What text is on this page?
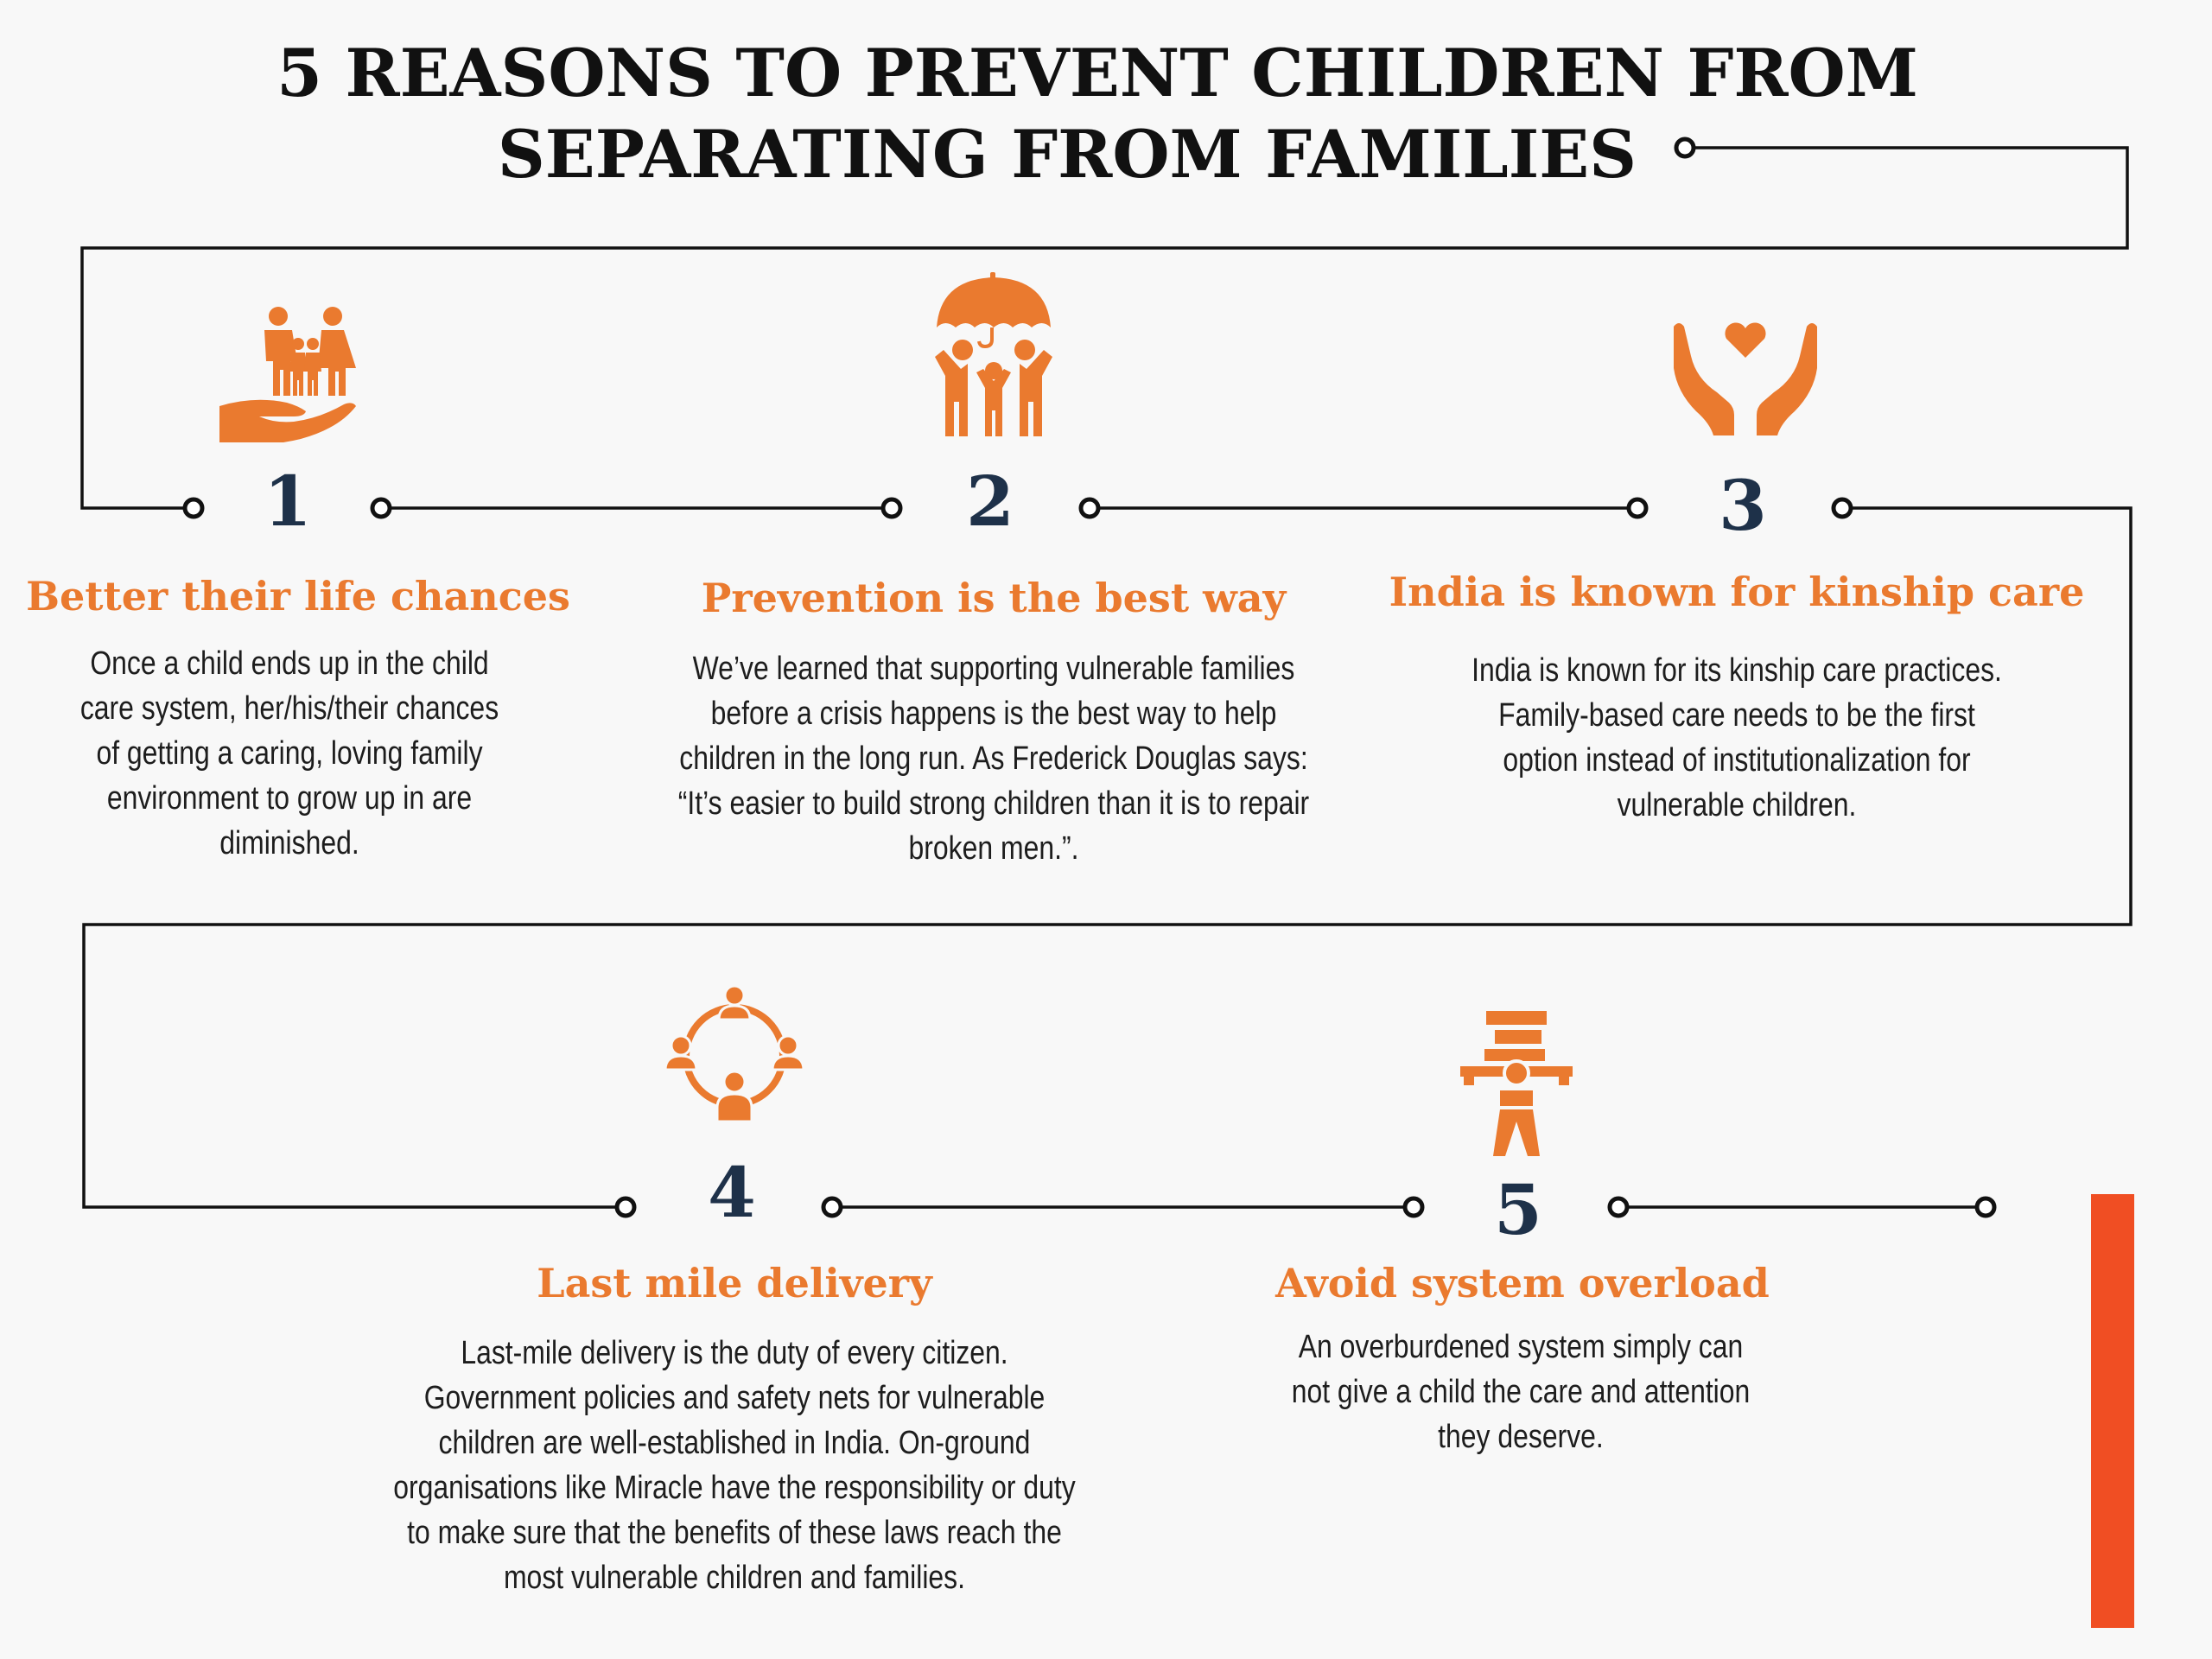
5 REASONS TO PREVENT CHILDREN FROM
SEPARATING FROM FAMILIES
1
Better their life chances

Once a child ends up in the child care system, her/his/their chances of getting a caring, loving family environment to grow up in are diminished.

2
Prevention is the best way

We’ve learned that supporting vulnerable families before a crisis happens is the best way to help children in the long run. As Frederick Douglas says: “It’s easier to build strong children than it is to repair broken men.”.

3
India is known for kinship care

India is known for its kinship care practices. Family-based care needs to be the first option instead of institutionalization for vulnerable children.

4
Last mile delivery

Last-mile delivery is the duty of every citizen. Government policies and safety nets for vulnerable children are well-established in India. On-ground organisations like Miracle have the responsibility or duty to make sure that the benefits of these laws reach the most vulnerable children and families.

5
Avoid system overload

An overburdened system simply can not give a child the care and attention they deserve.
